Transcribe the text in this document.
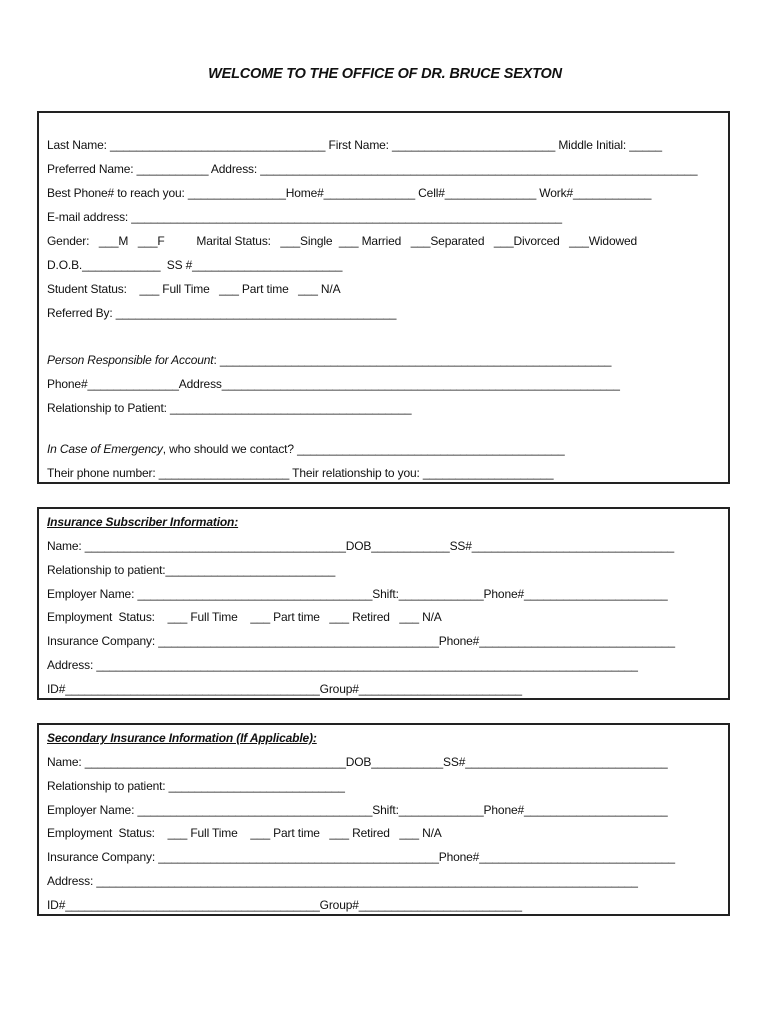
WELCOME TO THE OFFICE OF DR. BRUCE SEXTON
Last Name: _________________________________ First Name: _________________________ Middle Initial: _____
Preferred Name: ___________ Address: ___________________________________________________________________
Best Phone# to reach you: _______________Home#______________ Cell#______________ Work#____________
E-mail address: __________________________________________________________________
Gender:   ___M   ___F          Marital Status:   ___Single  ___ Married   ___Separated   ___Divorced   ___Widowed
D.O.B.____________  SS #_______________________
Student Status:    ___ Full Time   ___ Part time   ___ N/A
Referred By: ___________________________________________
Person Responsible for Account: ____________________________________________________________
Phone#______________Address_____________________________________________________________
Relationship to Patient: _____________________________________
In Case of Emergency, who should we contact? _________________________________________
Their phone number: ____________________ Their relationship to you: ____________________
Insurance Subscriber Information:
Name: ________________________________________DOB____________SS#_______________________________
Relationship to patient:__________________________
Employer Name: ____________________________________Shift:_____________Phone#______________________
Employment  Status:    ___ Full Time    ___ Part time   ___ Retired   ___ N/A
Insurance Company: ___________________________________________Phone#______________________________
Address: ___________________________________________________________________________________
ID#_______________________________________Group#_________________________
Secondary Insurance Information (If Applicable):
Name: ________________________________________DOB___________SS#_______________________________
Relationship to patient: ___________________________
Employer Name: ____________________________________Shift:_____________Phone#______________________
Employment  Status:    ___ Full Time    ___ Part time   ___ Retired   ___ N/A
Insurance Company: ___________________________________________Phone#______________________________
Address: ___________________________________________________________________________________
ID#_______________________________________Group#_________________________
